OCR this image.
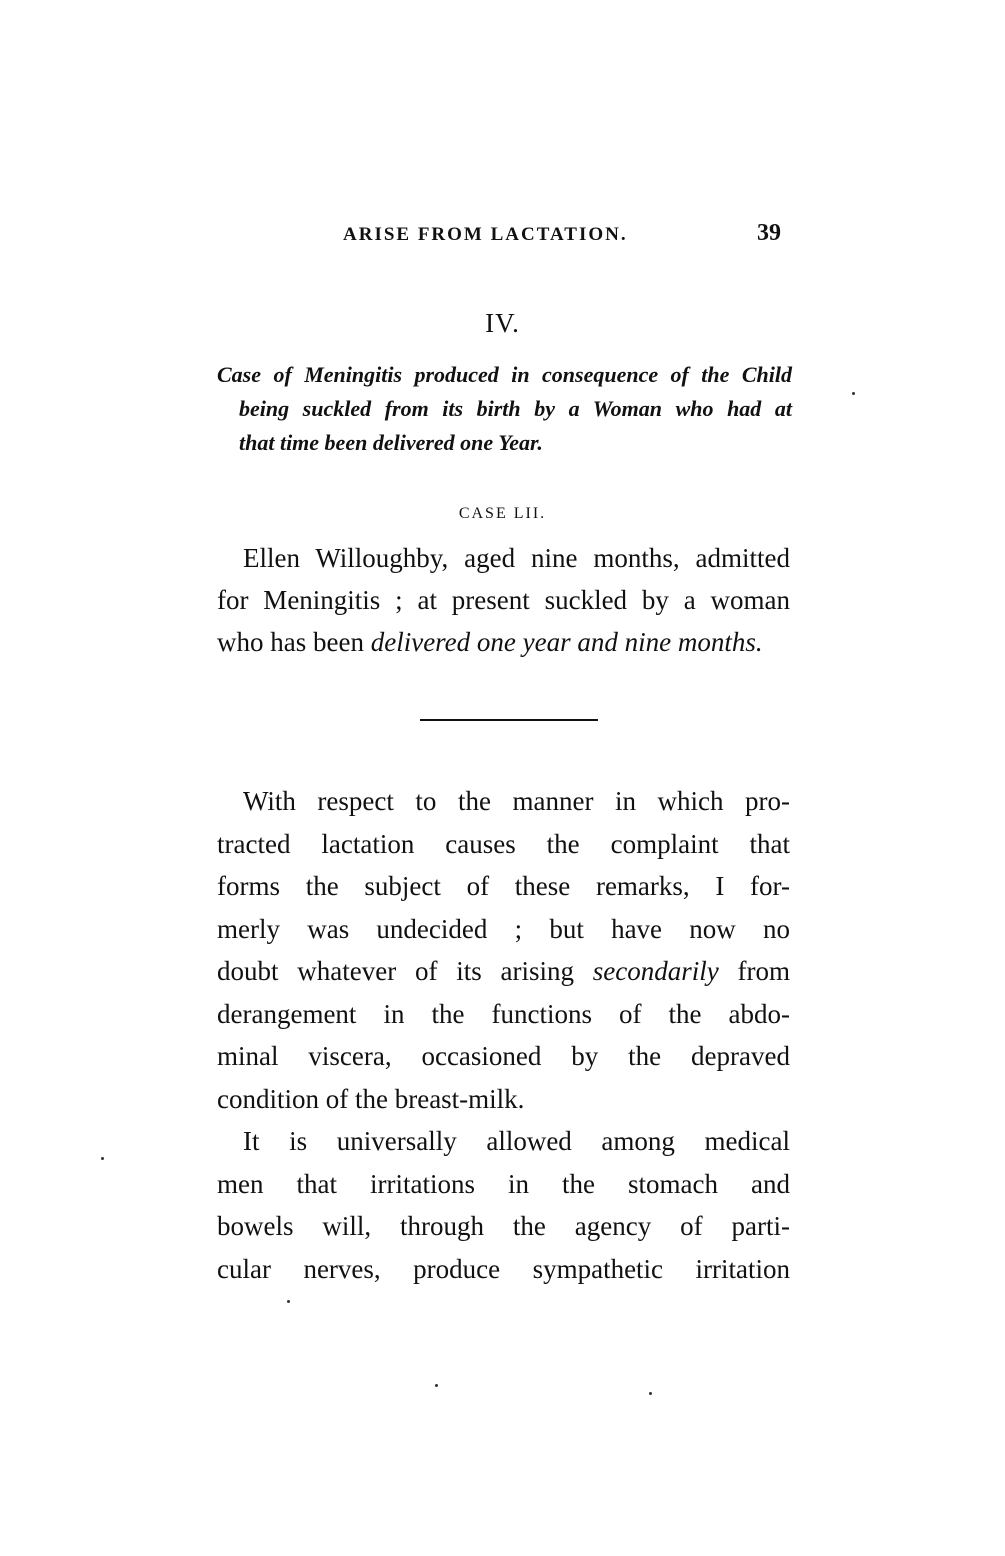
ARISE FROM LACTATION.	39
IV.
Case of Meningitis produced in consequence of the Child
being suckled from its birth by a Woman who had at
that time been delivered one Year.
CASE LII.
Ellen Willoughby, aged nine months, admitted
for Meningitis ; at present suckled by a woman
who has been delivered one year and nine months.
With respect to the manner in which pro-
tracted lactation causes the complaint that
forms the subject of these remarks, I for-
merly was undecided ; but have now no
doubt whatever of its arising secondarily from
derangement in the functions of the abdo-
minal viscera, occasioned by the depraved
condition of the breast-milk.
It is universally allowed among medical
men that irritations in the stomach and
bowels will, through the agency of parti-
cular nerves, produce sympathetic irritation
